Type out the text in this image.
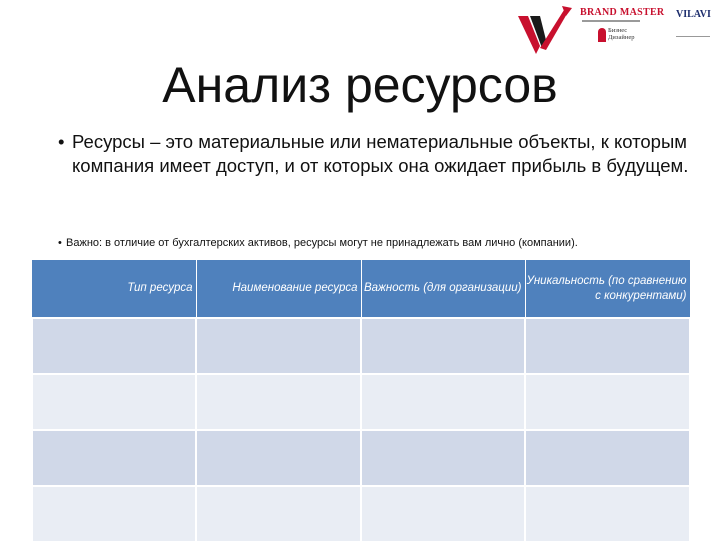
BRAND MASTER VILAVI
Бизнес
Дизайнер
Анализ ресурсов
• Ресурсы – это материальные или нематериальные объекты, к которым компания имеет доступ, и от которых она ожидает прибыль в будущем.
• Важно: в отличие от бухгалтерских активов, ресурсы могут не принадлежать вам лично (компании).
Тип ресурса	Наименование ресурса	Важность (для организации)	Уникальность (по сравнению с конкурентами)
